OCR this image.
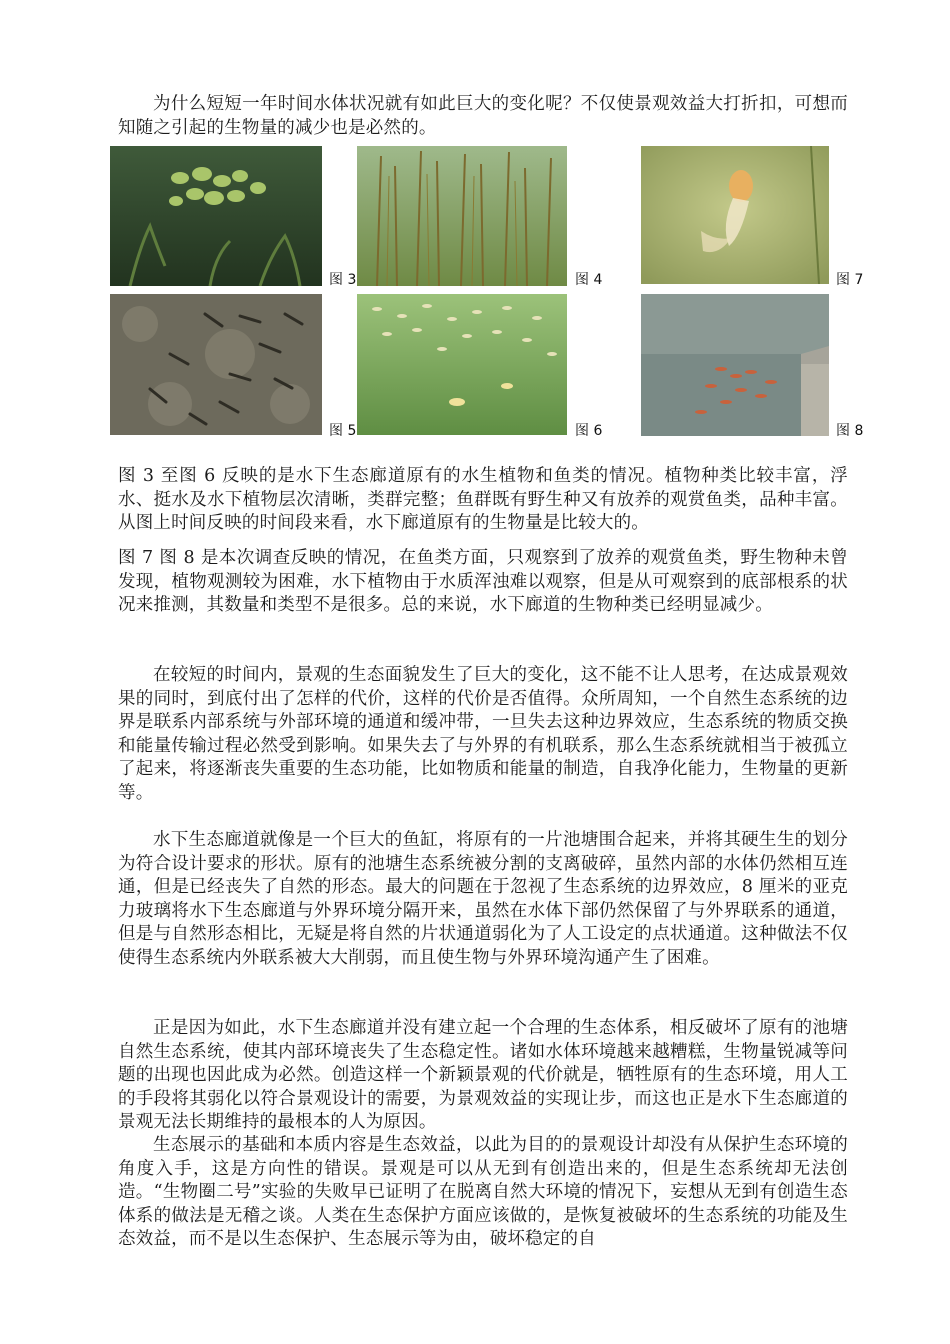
为什么短短一年时间水体状况就有如此巨大的变化呢？不仅使景观效益大打折扣，可想而知随之引起的生物量的减少也是必然的。

图 3	图 4	图 7
图 5	图 6	图 8

图 3 至图 6 反映的是水下生态廊道原有的水生植物和鱼类的情况。植物种类比较丰富，浮水、挺水及水下植物层次清晰，类群完整；鱼群既有野生种又有放养的观赏鱼类，品种丰富。从图上时间反映的时间段来看，水下廊道原有的生物量是比较大的。

图 7 图 8 是本次调查反映的情况，在鱼类方面，只观察到了放养的观赏鱼类，野生物种未曾发现，植物观测较为困难，水下植物由于水质浑浊难以观察，但是从可观察到的底部根系的状况来推测，其数量和类型不是很多。总的来说，水下廊道的生物种类已经明显减少。

在较短的时间内，景观的生态面貌发生了巨大的变化，这不能不让人思考，在达成景观效果的同时，到底付出了怎样的代价，这样的代价是否值得。众所周知，一个自然生态系统的边界是联系内部系统与外部环境的通道和缓冲带，一旦失去这种边界效应，生态系统的物质交换和能量传输过程必然受到影响。如果失去了与外界的有机联系，那么生态系统就相当于被孤立了起来，将逐渐丧失重要的生态功能，比如物质和能量的制造，自我净化能力，生物量的更新等。

水下生态廊道就像是一个巨大的鱼缸，将原有的一片池塘围合起来，并将其硬生生的划分为符合设计要求的形状。原有的池塘生态系统被分割的支离破碎，虽然内部的水体仍然相互连通，但是已经丧失了自然的形态。最大的问题在于忽视了生态系统的边界效应，8 厘米的亚克力玻璃将水下生态廊道与外界环境分隔开来，虽然在水体下部仍然保留了与外界联系的通道，但是与自然形态相比，无疑是将自然的片状通道弱化为了人工设定的点状通道。这种做法不仅使得生态系统内外联系被大大削弱，而且使生物与外界环境沟通产生了困难。

正是因为如此，水下生态廊道并没有建立起一个合理的生态体系，相反破坏了原有的池塘自然生态系统，使其内部环境丧失了生态稳定性。诸如水体环境越来越糟糕，生物量锐减等问题的出现也因此成为必然。创造这样一个新颖景观的代价就是，牺牲原有的生态环境，用人工的手段将其弱化以符合景观设计的需要，为景观效益的实现让步，而这也正是水下生态廊道的景观无法长期维持的最根本的人为原因。

生态展示的基础和本质内容是生态效益，以此为目的的景观设计却没有从保护生态环境的角度入手，这是方向性的错误。景观是可以从无到有创造出来的，但是生态系统却无法创造。“生物圈二号”实验的失败早已证明了在脱离自然大环境的情况下，妄想从无到有创造生态体系的做法是无稽之谈。人类在生态保护方面应该做的，是恢复被破坏的生态系统的功能及生态效益，而不是以生态保护、生态展示等为由，破坏稳定的自
